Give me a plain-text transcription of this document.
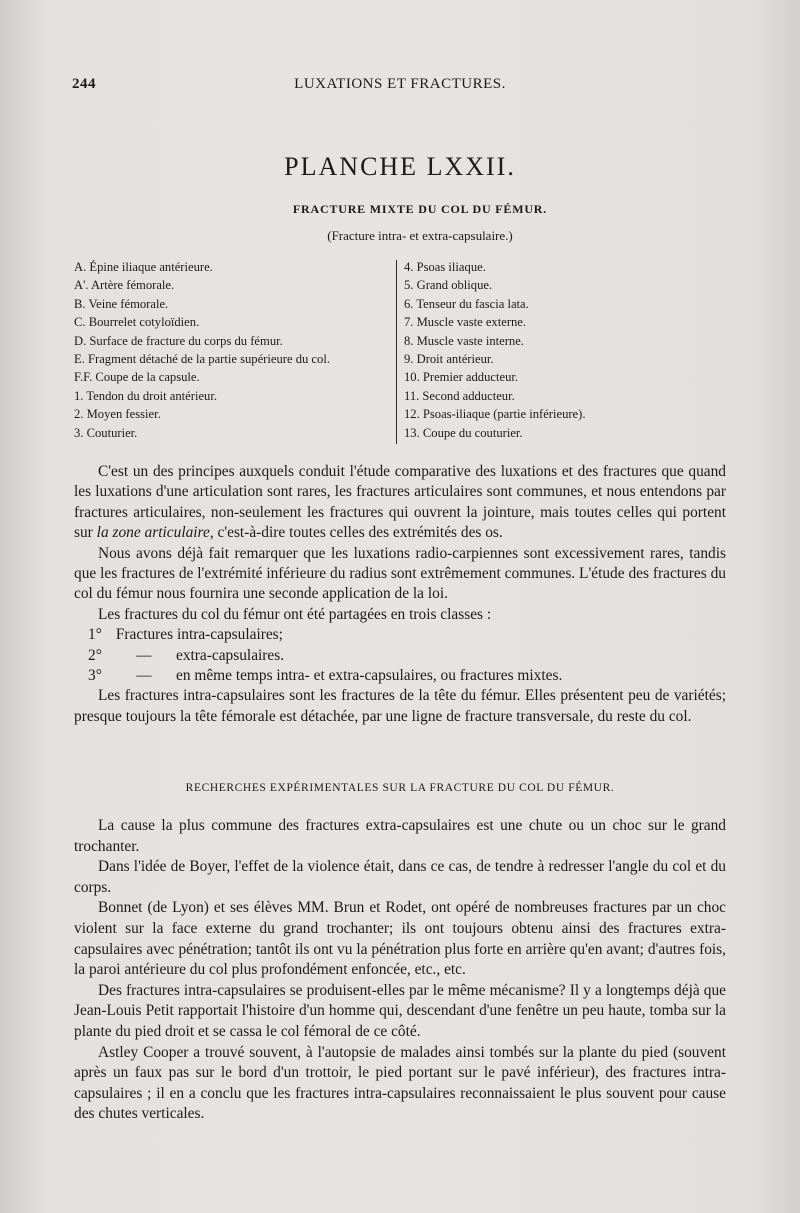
244	LUXATIONS ET FRACTURES.
PLANCHE LXXII.
FRACTURE MIXTE DU COL DU FÉMUR.
(Fracture intra- et extra-capsulaire.)
A. Épine iliaque antérieure.
A'. Artère fémorale.
B. Veine fémorale.
C. Bourrelet cotyloïdien.
D. Surface de fracture du corps du fémur.
E. Fragment détaché de la partie supérieure du col.
F.F. Coupe de la capsule.
1. Tendon du droit antérieur.
2. Moyen fessier.
3. Couturier.
4. Psoas iliaque.
5. Grand oblique.
6. Tenseur du fascia lata.
7. Muscle vaste externe.
8. Muscle vaste interne.
9. Droit antérieur.
10. Premier adducteur.
11. Second adducteur.
12. Psoas-iliaque (partie inférieure).
13. Coupe du couturier.

C'est un des principes auxquels conduit l'étude comparative des luxations et des fractures que quand les luxations d'une articulation sont rares, les fractures articulaires sont communes, et nous entendons par fractures articulaires, non-seulement les fractures qui ouvrent la jointure, mais toutes celles qui portent sur la zone articulaire, c'est-à-dire toutes celles des extrémités des os.

Nous avons déjà fait remarquer que les luxations radio-carpiennes sont excessivement rares, tandis que les fractures de l'extrémité inférieure du radius sont extrêmement communes. L'étude des fractures du col du fémur nous fournira une seconde application de la loi.

Les fractures du col du fémur ont été partagées en trois classes :

1° Fractures intra-capsulaires;

2° — extra-capsulaires.

3° — en même temps intra- et extra-capsulaires, ou fractures mixtes.

Les fractures intra-capsulaires sont les fractures de la tête du fémur. Elles présentent peu de variétés; presque toujours la tête fémorale est détachée, par une ligne de fracture transversale, du reste du col.

RECHERCHES EXPÉRIMENTALES SUR LA FRACTURE DU COL DU FÉMUR.

La cause la plus commune des fractures extra-capsulaires est une chute ou un choc sur le grand trochanter.

Dans l'idée de Boyer, l'effet de la violence était, dans ce cas, de tendre à redresser l'angle du col et du corps.

Bonnet (de Lyon) et ses élèves MM. Brun et Rodet, ont opéré de nombreuses fractures par un choc violent sur la face externe du grand trochanter; ils ont toujours obtenu ainsi des fractures extra-capsulaires avec pénétration; tantôt ils ont vu la pénétration plus forte en arrière qu'en avant; d'autres fois, la paroi antérieure du col plus profondément enfoncée, etc., etc.

Des fractures intra-capsulaires se produisent-elles par le même mécanisme? Il y a longtemps déjà que Jean-Louis Petit rapportait l'histoire d'un homme qui, descendant d'une fenêtre un peu haute, tomba sur la plante du pied droit et se cassa le col fémoral de ce côté.

Astley Cooper a trouvé souvent, à l'autopsie de malades ainsi tombés sur la plante du pied (souvent après un faux pas sur le bord d'un trottoir, le pied portant sur le pavé inférieur), des fractures intra-capsulaires ; il en a conclu que les fractures intra-capsulaires reconnaissaient le plus souvent pour cause des chutes verticales.
